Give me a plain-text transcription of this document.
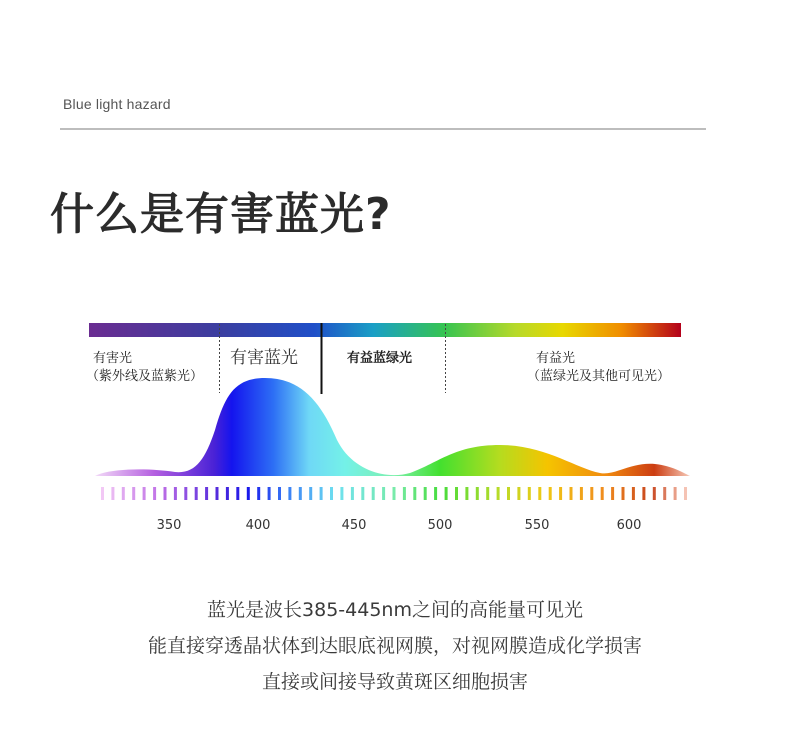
Blue light hazard
什么是有害蓝光?
有害光
（紫外线及蓝紫光）
有害蓝光	有益蓝绿光	有益光
（蓝绿光及其他可见光）
350	400	450	500	550	600
蓝光是波长385-445nm之间的高能量可见光
能直接穿透晶状体到达眼底视网膜，对视网膜造成化学损害
直接或间接导致黄斑区细胞损害
